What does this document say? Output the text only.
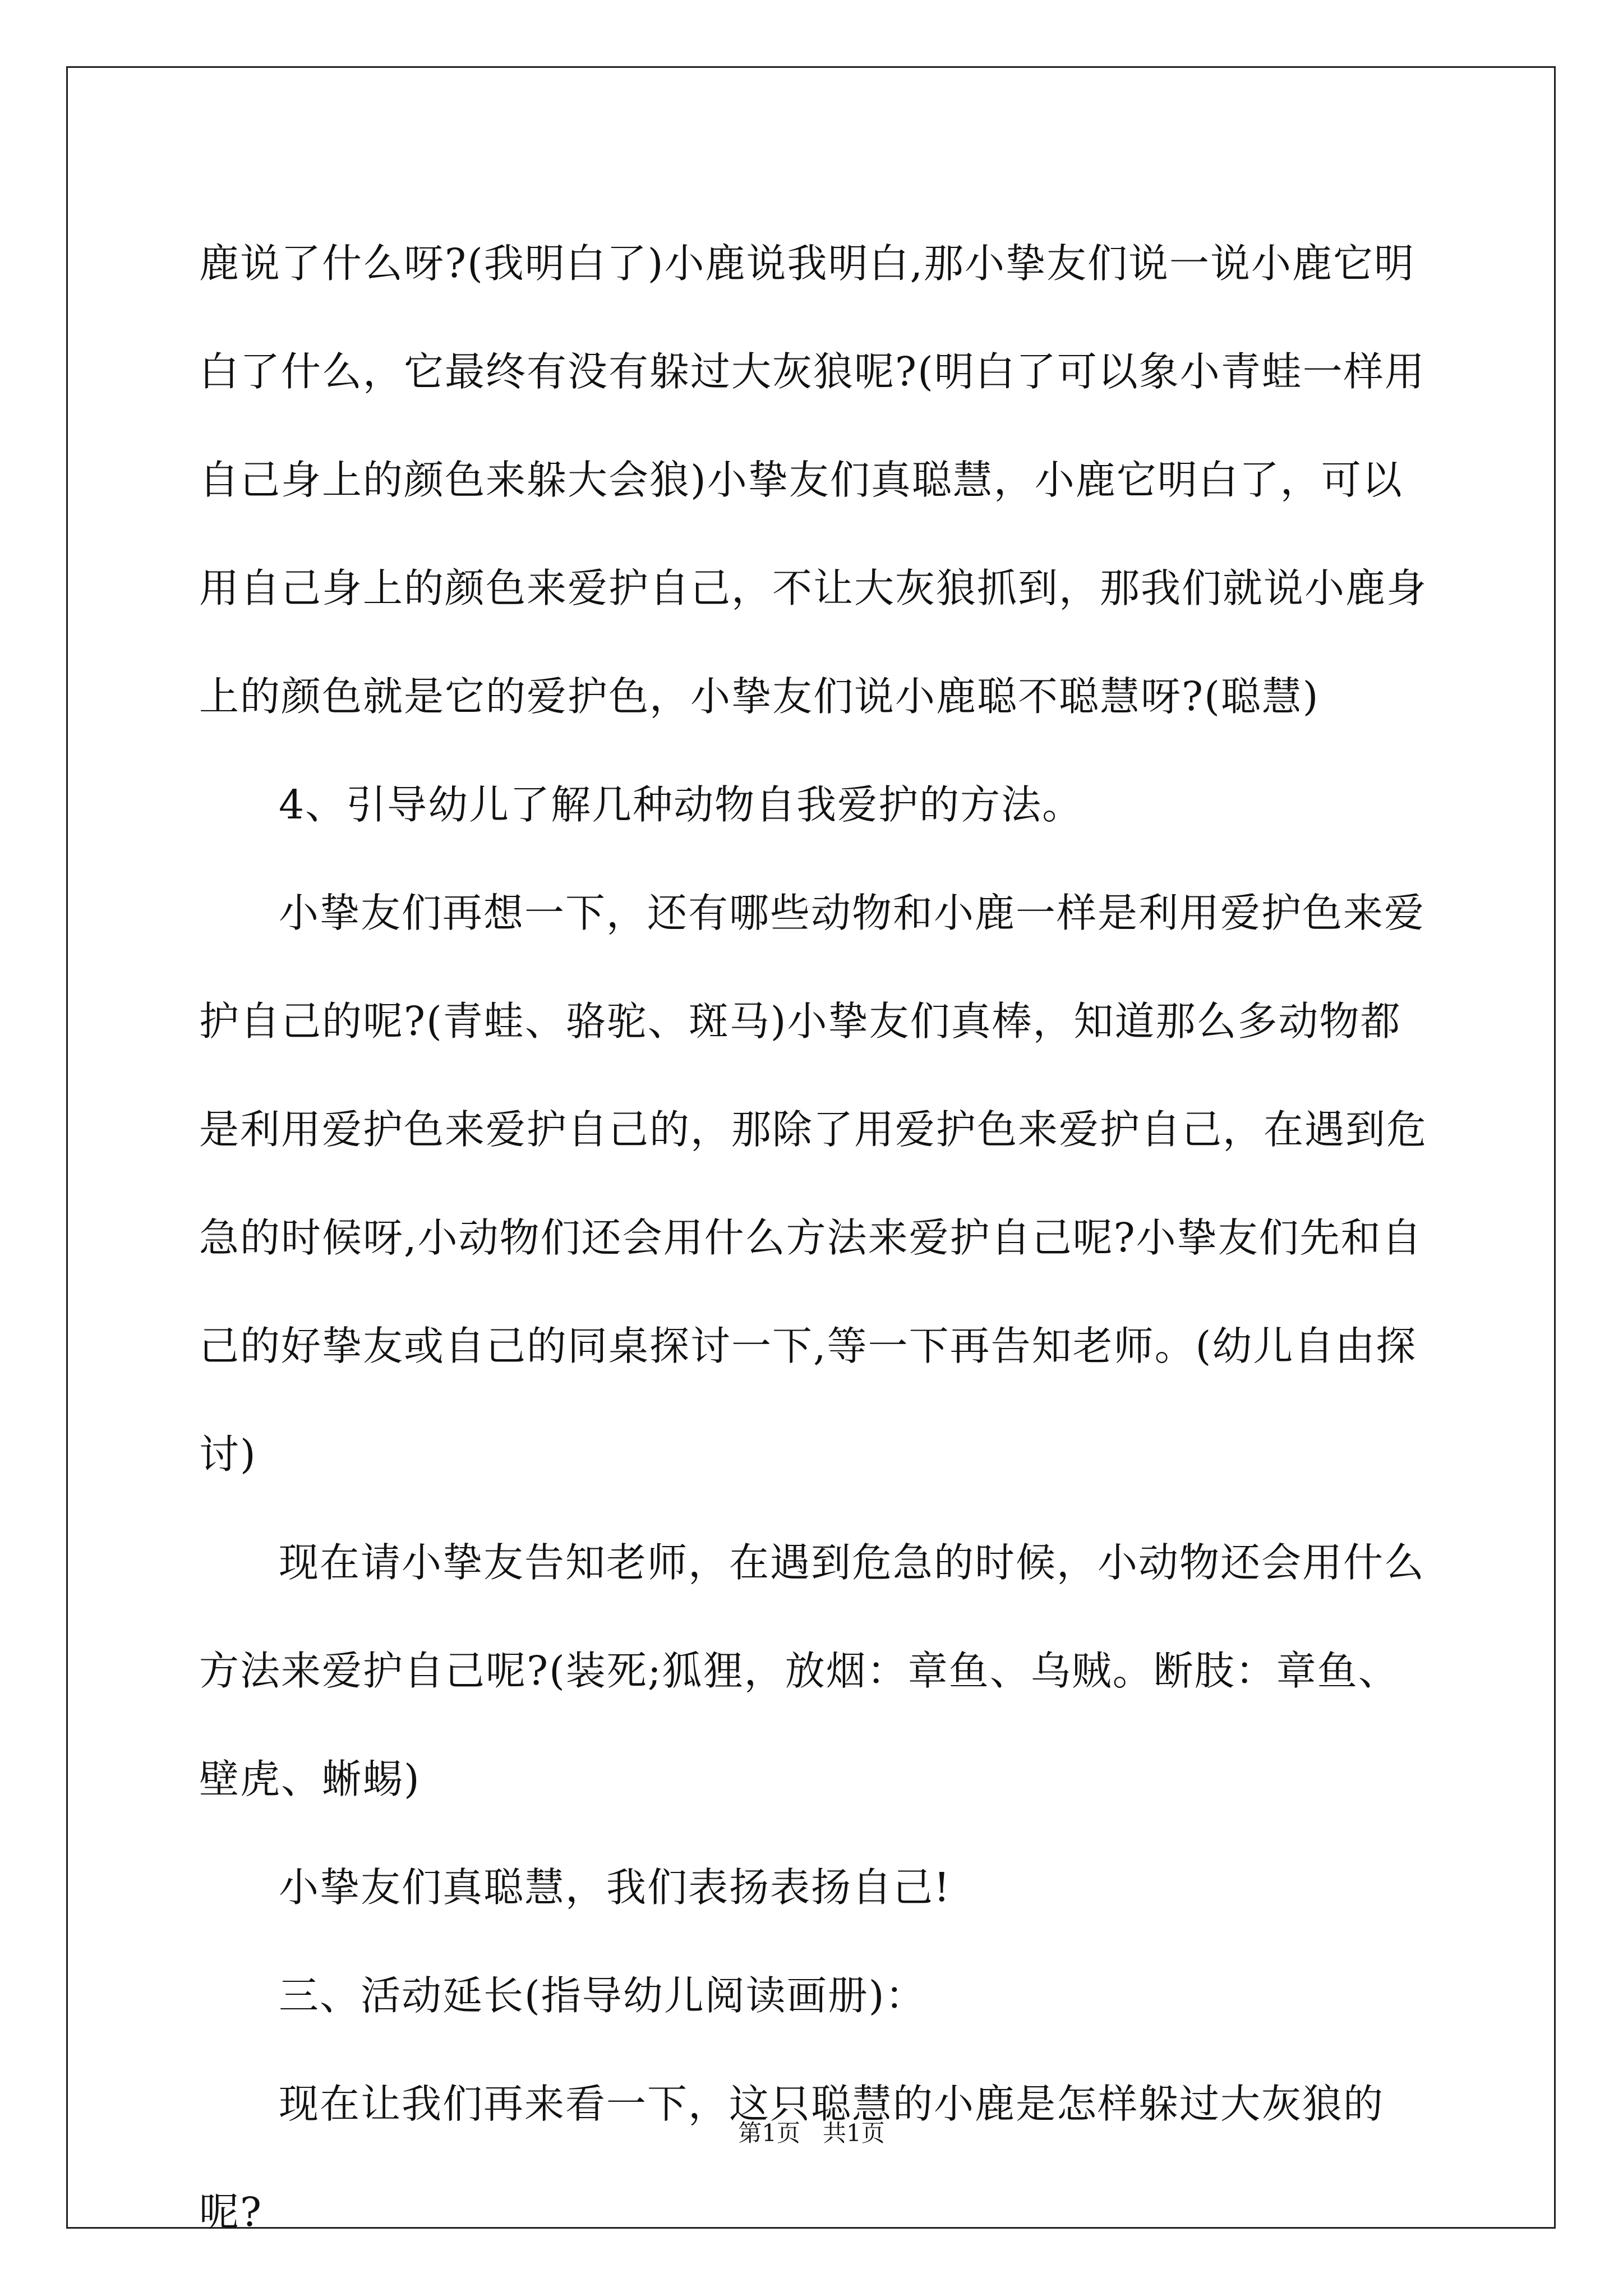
鹿说了什么呀?(我明白了)小鹿说我明白,那小挚友们说一说小鹿它明白了什么，它最终有没有躲过大灰狼呢?(明白了可以象小青蛙一样用自己身上的颜色来躲大会狼)小挚友们真聪慧，小鹿它明白了，可以用自己身上的颜色来爱护自己，不让大灰狼抓到，那我们就说小鹿身上的颜色就是它的爱护色，小挚友们说小鹿聪不聪慧呀?(聪慧)

4、引导幼儿了解几种动物自我爱护的方法。

小挚友们再想一下，还有哪些动物和小鹿一样是利用爱护色来爱护自己的呢?(青蛙、骆驼、斑马)小挚友们真棒，知道那么多动物都是利用爱护色来爱护自己的，那除了用爱护色来爱护自己，在遇到危急的时候呀,小动物们还会用什么方法来爱护自己呢?小挚友们先和自己的好挚友或自己的同桌探讨一下,等一下再告知老师。(幼儿自由探讨)

现在请小挚友告知老师，在遇到危急的时候，小动物还会用什么方法来爱护自己呢?(装死;狐狸，放烟：章鱼、乌贼。断肢：章鱼、壁虎、蜥蜴)

小挚友们真聪慧，我们表扬表扬自己!

三、活动延长(指导幼儿阅读画册)：

现在让我们再来看一下，这只聪慧的小鹿是怎样躲过大灰狼的呢?

第1页 共1页
